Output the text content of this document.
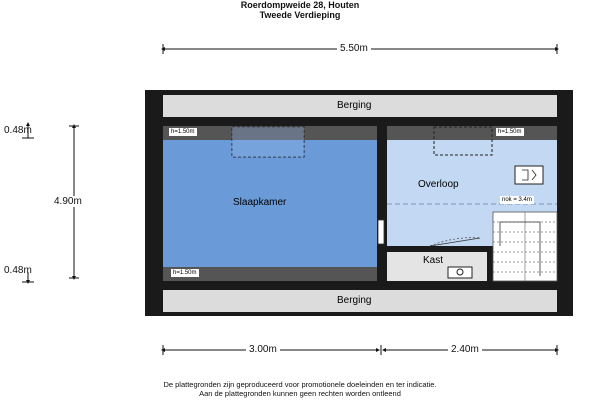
Roerdompweide 28, Houten
Tweede Verdieping
Berging
Berging
Slaapkamer
Overloop
Kast
h=1.50m	h=1.50m
h=1.50m
nok = 3.4m
5.50m
3.00m	2.40m
0.48m
4.90m
0.48m
De plattegronden zijn geproduceerd voor promotionele doeleinden en ter indicatie.
Aan de plattegronden kunnen geen rechten worden ontleend
